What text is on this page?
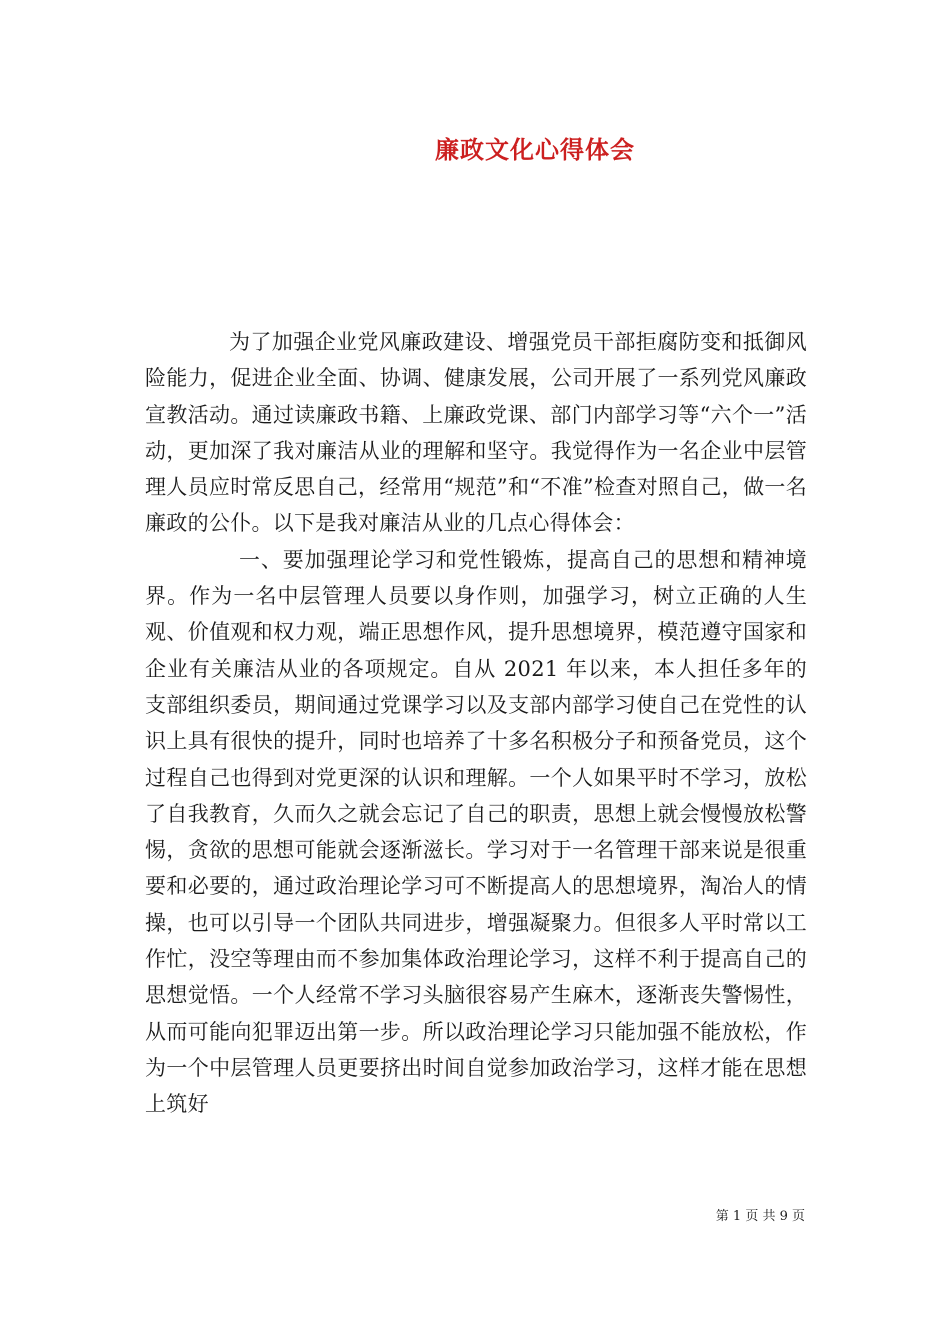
廉政文化心得体会

为了加强企业党风廉政建设、增强党员干部拒腐防变和抵御风险能力，促进企业全面、协调、健康发展，公司开展了一系列党风廉政宣教活动。通过读廉政书籍、上廉政党课、部门内部学习等“六个一”活动，更加深了我对廉洁从业的理解和坚守。我觉得作为一名企业中层管理人员应时常反思自己，经常用“规范”和“不准”检查对照自己，做一名廉政的公仆。以下是我对廉洁从业的几点心得体会：

一、要加强理论学习和党性锻炼，提高自己的思想和精神境界。作为一名中层管理人员要以身作则，加强学习，树立正确的人生观、价值观和权力观，端正思想作风，提升思想境界，模范遵守国家和企业有关廉洁从业的各项规定。自从 2021 年以来，本人担任多年的支部组织委员，期间通过党课学习以及支部内部学习使自己在党性的认识上具有很快的提升，同时也培养了十多名积极分子和预备党员，这个过程自己也得到对党更深的认识和理解。一个人如果平时不学习，放松了自我教育，久而久之就会忘记了自己的职责，思想上就会慢慢放松警惕，贪欲的思想可能就会逐渐滋长。学习对于一名管理干部来说是很重要和必要的，通过政治理论学习可不断提高人的思想境界，淘冶人的情操，也可以引导一个团队共同进步，增强凝聚力。但很多人平时常以工作忙，没空等理由而不参加集体政治理论学习，这样不利于提高自己的思想觉悟。一个人经常不学习头脑很容易产生麻木，逐渐丧失警惕性，从而可能向犯罪迈出第一步。所以政治理论学习只能加强不能放松，作为一个中层管理人员更要挤出时间自觉参加政治学习，这样才能在思想上筑好

第 1 页 共 9 页
